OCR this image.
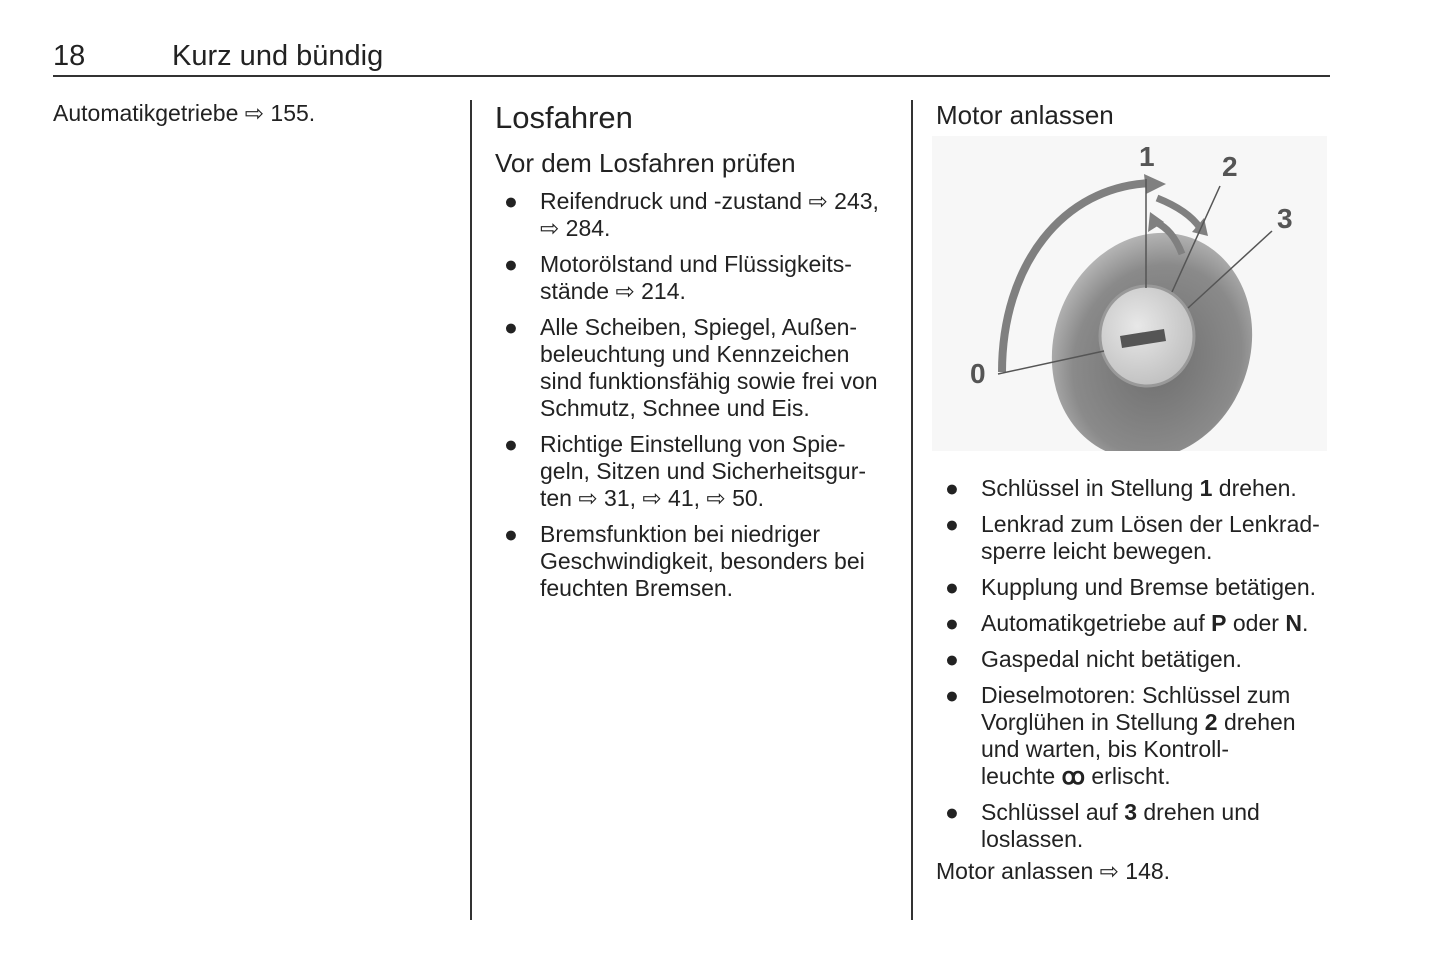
18	Kurz und bündig
Automatikgetriebe ⇨ 155.	Losfahren
Vor dem Losfahren prüfen
● Reifendruck und -zustand ⇨ 243,
⇨ 284.
● Motorölstand und Flüssigkeits-
stände ⇨ 214.
● Alle Scheiben, Spiegel, Außen-
beleuchtung und Kennzeichen
sind funktionsfähig sowie frei von
Schmutz, Schnee und Eis.
● Richtige Einstellung von Spie-
geln, Sitzen und Sicherheitsgur-
ten ⇨ 31, ⇨ 41, ⇨ 50.
● Bremsfunktion bei niedriger
Geschwindigkeit, besonders bei
feuchten Bremsen.
Motor anlassen
0
1 2
3
● Schlüssel in Stellung 1 drehen.
● Lenkrad zum Lösen der Lenkrad-
sperre leicht bewegen.
● Kupplung und Bremse betätigen.
● Automatikgetriebe auf P oder N.
● Gaspedal nicht betätigen.
● Dieselmotoren: Schlüssel zum
Vorglühen in Stellung 2 drehen
und warten, bis Kontroll-
leuchte ꝏ erlischt.
● Schlüssel auf 3 drehen und
loslassen.
Motor anlassen ⇨ 148.
